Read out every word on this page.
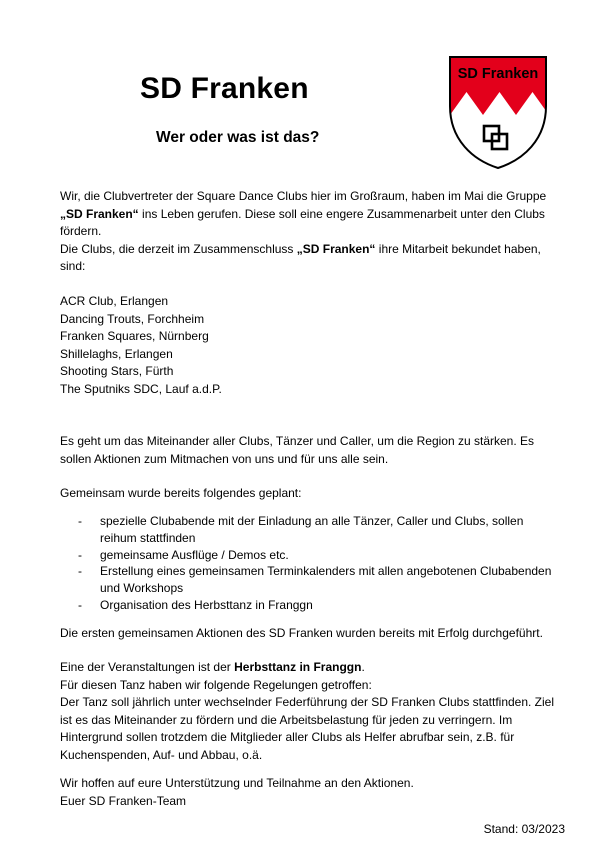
SD Franken
Wer oder was ist das?
SD Franken
Wir, die Clubvertreter der Square Dance Clubs hier im Großraum, haben im Mai die Gruppe
„SD Franken“ ins Leben gerufen. Diese soll eine engere Zusammenarbeit unter den Clubs
fördern.
Die Clubs, die derzeit im Zusammenschluss „SD Franken“ ihre Mitarbeit bekundet haben,
sind:
ACR Club, Erlangen
Dancing Trouts, Forchheim
Franken Squares, Nürnberg
Shillelaghs, Erlangen
Shooting Stars, Fürth
The Sputniks SDC, Lauf a.d.P.
Es geht um das Miteinander aller Clubs, Tänzer und Caller, um die Region zu stärken. Es
sollen Aktionen zum Mitmachen von uns und für uns alle sein.
Gemeinsam wurde bereits folgendes geplant:
- spezielle Clubabende mit der Einladung an alle Tänzer, Caller und Clubs, sollen
reihum stattfinden
- gemeinsame Ausflüge / Demos etc.
- Erstellung eines gemeinsamen Terminkalenders mit allen angebotenen Clubabenden
und Workshops
- Organisation des Herbsttanz in Franggn
Die ersten gemeinsamen Aktionen des SD Franken wurden bereits mit Erfolg durchgeführt.
Eine der Veranstaltungen ist der Herbsttanz in Franggn.
Für diesen Tanz haben wir folgende Regelungen getroffen:
Der Tanz soll jährlich unter wechselnder Federführung der SD Franken Clubs stattfinden. Ziel
ist es das Miteinander zu fördern und die Arbeitsbelastung für jeden zu verringern. Im
Hintergrund sollen trotzdem die Mitglieder aller Clubs als Helfer abrufbar sein, z.B. für
Kuchenspenden, Auf- und Abbau, o.ä.
Wir hoffen auf eure Unterstützung und Teilnahme an den Aktionen.
Euer SD Franken-Team
Stand: 03/2023
